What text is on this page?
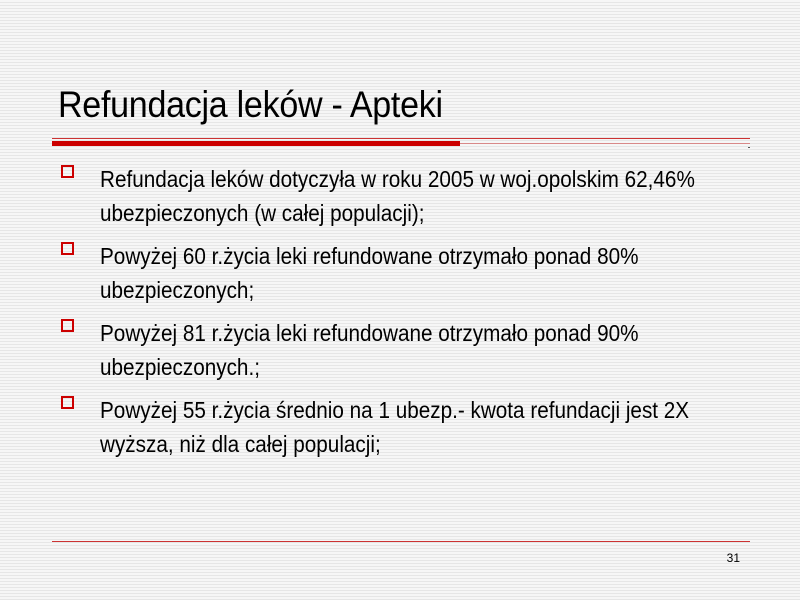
Refundacja leków - Apteki
Refundacja leków dotyczyła w roku 2005 w woj.opolskim 62,46% ubezpieczonych (w całej populacji);
Powyżej 60 r.życia leki refundowane otrzymało ponad 80% ubezpieczonych;
Powyżej 81 r.życia leki refundowane otrzymało ponad 90% ubezpieczonych.;
Powyżej 55 r.życia średnio na 1 ubezp.- kwota refundacji jest 2X wyższa, niż dla całej populacji;
31
